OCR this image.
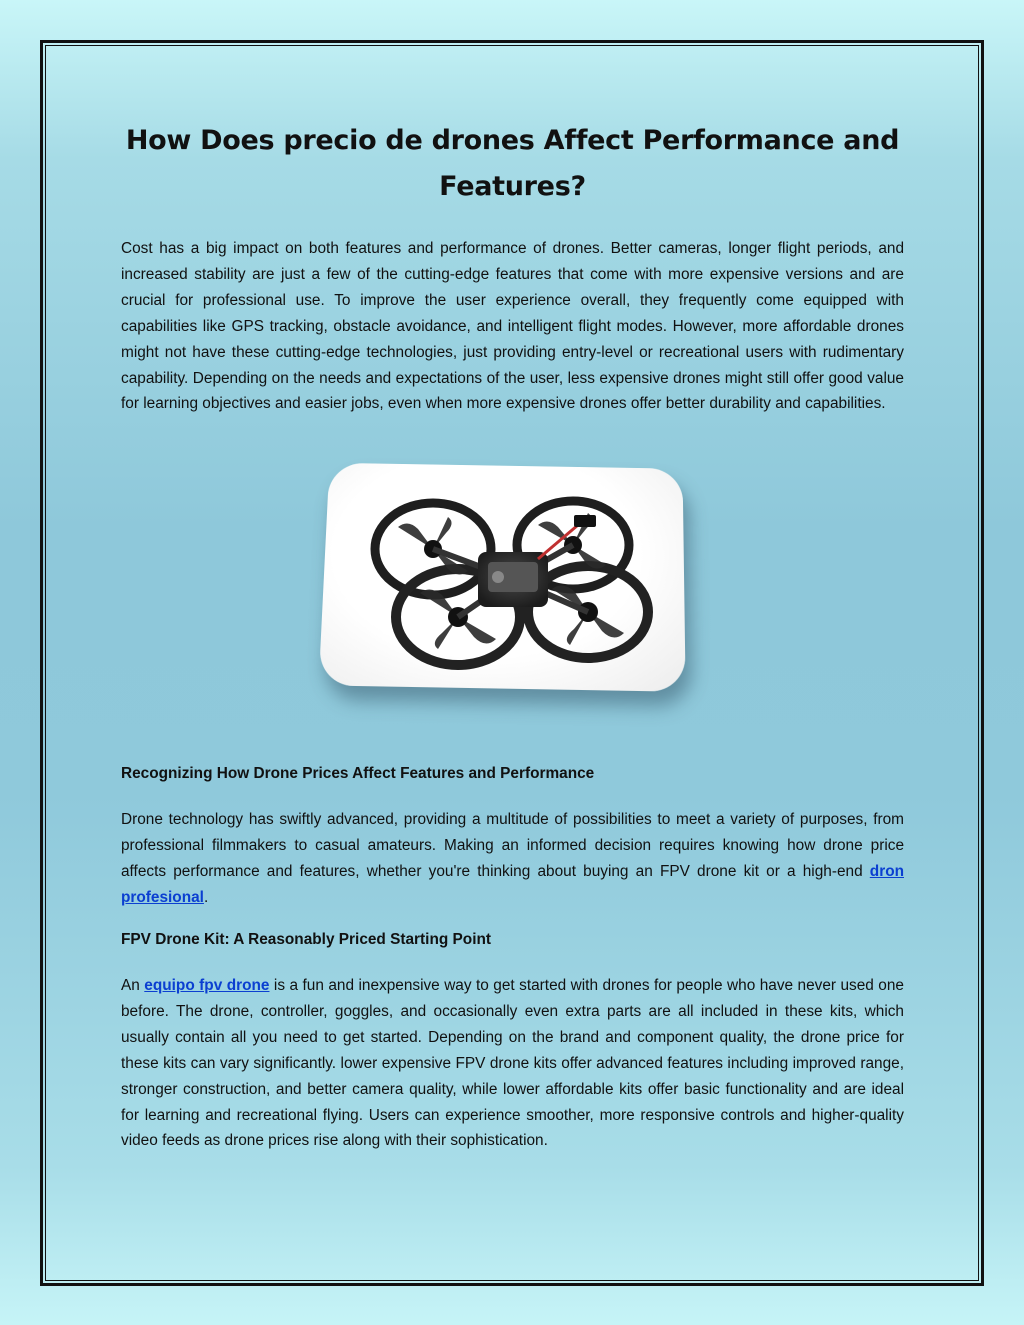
How Does precio de drones Affect Performance and Features?

Cost has a big impact on both features and performance of drones. Better cameras, longer flight periods, and increased stability are just a few of the cutting-edge features that come with more expensive versions and are crucial for professional use. To improve the user experience overall, they frequently come equipped with capabilities like GPS tracking, obstacle avoidance, and intelligent flight modes. However, more affordable drones might not have these cutting-edge technologies, just providing entry-level or recreational users with rudimentary capability. Depending on the needs and expectations of the user, less expensive drones might still offer good value for learning objectives and easier jobs, even when more expensive drones offer better durability and capabilities.

Recognizing How Drone Prices Affect Features and Performance

Drone technology has swiftly advanced, providing a multitude of possibilities to meet a variety of purposes, from professional filmmakers to casual amateurs. Making an informed decision requires knowing how drone price affects performance and features, whether you're thinking about buying an FPV drone kit or a high-end dron profesional.

FPV Drone Kit: A Reasonably Priced Starting Point

An equipo fpv drone is a fun and inexpensive way to get started with drones for people who have never used one before. The drone, controller, goggles, and occasionally even extra parts are all included in these kits, which usually contain all you need to get started. Depending on the brand and component quality, the drone price for these kits can vary significantly. lower expensive FPV drone kits offer advanced features including improved range, stronger construction, and better camera quality, while lower affordable kits offer basic functionality and are ideal for learning and recreational flying. Users can experience smoother, more responsive controls and higher-quality video feeds as drone prices rise along with their sophistication.
